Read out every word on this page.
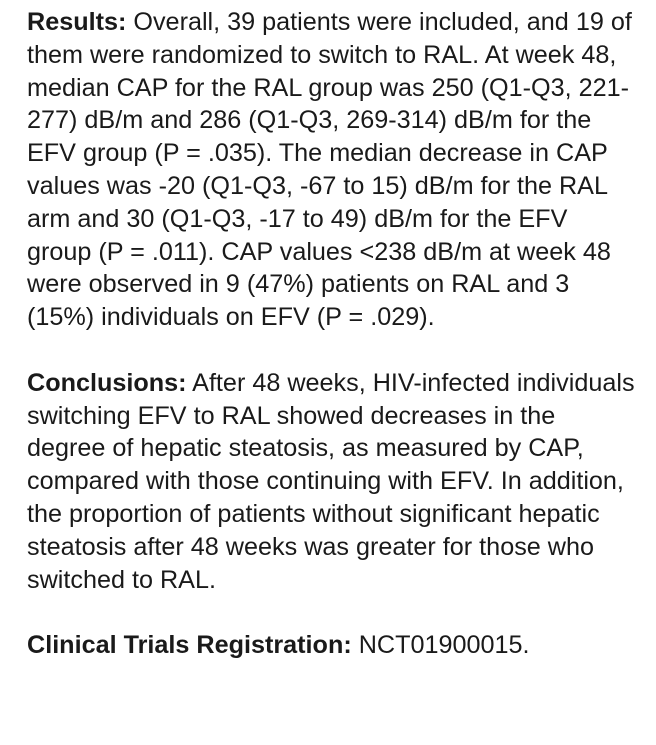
Results: Overall, 39 patients were included, and 19 of them were randomized to switch to RAL. At week 48, median CAP for the RAL group was 250 (Q1-Q3, 221-277) dB/m and 286 (Q1-Q3, 269-314) dB/m for the EFV group (P = .035). The median decrease in CAP values was -20 (Q1-Q3, -67 to 15) dB/m for the RAL arm and 30 (Q1-Q3, -17 to 49) dB/m for the EFV group (P = .011). CAP values <238 dB/m at week 48 were observed in 9 (47%) patients on RAL and 3 (15%) individuals on EFV (P = .029).

Conclusions: After 48 weeks, HIV-infected individuals switching EFV to RAL showed decreases in the degree of hepatic steatosis, as measured by CAP, compared with those continuing with EFV. In addition, the proportion of patients without significant hepatic steatosis after 48 weeks was greater for those who switched to RAL.

Clinical Trials Registration: NCT01900015.
